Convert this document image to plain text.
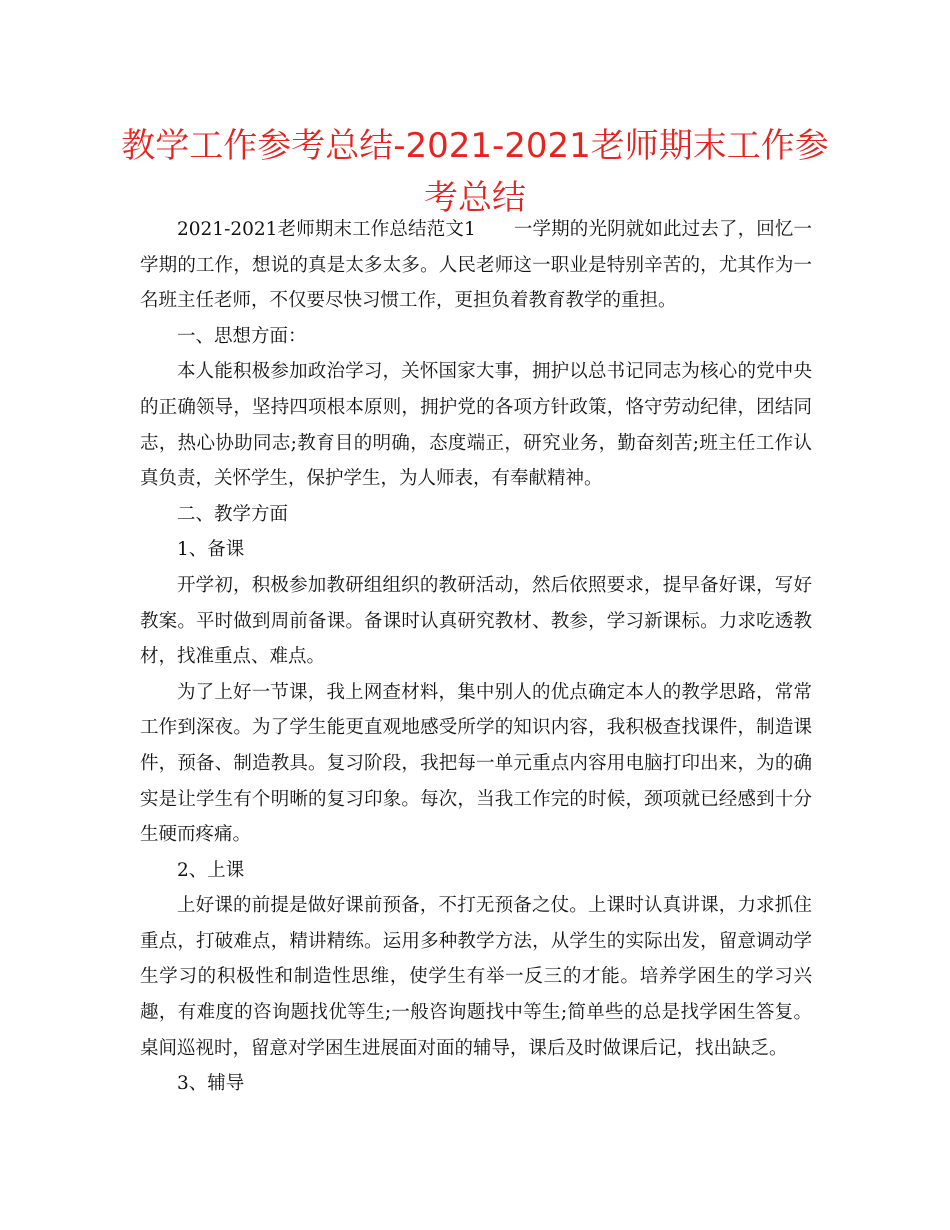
教学工作参考总结-2021-2021老师期末工作参考总结

2021-2021老师期末工作总结范文1 一学期的光阴就如此过去了，回忆一学期的工作，想说的真是太多太多。人民老师这一职业是特别辛苦的，尤其作为一名班主任老师，不仅要尽快习惯工作，更担负着教育教学的重担。

一、思想方面：

本人能积极参加政治学习，关怀国家大事，拥护以总书记同志为核心的党中央的正确领导，坚持四项根本原则，拥护党的各项方针政策，恪守劳动纪律，团结同志，热心协助同志;教育目的明确，态度端正，研究业务，勤奋刻苦;班主任工作认真负责，关怀学生，保护学生，为人师表，有奉献精神。

二、教学方面

1、备课

开学初，积极参加教研组组织的教研活动，然后依照要求，提早备好课，写好教案。平时做到周前备课。备课时认真研究教材、教参，学习新课标。力求吃透教材，找准重点、难点。

为了上好一节课，我上网查材料，集中别人的优点确定本人的教学思路，常常工作到深夜。为了学生能更直观地感受所学的知识内容，我积极查找课件，制造课件，预备、制造教具。复习阶段，我把每一单元重点内容用电脑打印出来，为的确实是让学生有个明晰的复习印象。每次，当我工作完的时候，颈项就已经感到十分生硬而疼痛。

2、上课

上好课的前提是做好课前预备，不打无预备之仗。上课时认真讲课，力求抓住重点，打破难点，精讲精练。运用多种教学方法，从学生的实际出发，留意调动学生学习的积极性和制造性思维，使学生有举一反三的才能。培养学困生的学习兴趣，有难度的咨询题找优等生;一般咨询题找中等生;简单些的总是找学困生答复。桌间巡视时，留意对学困生进展面对面的辅导，课后及时做课后记，找出缺乏。

3、辅导
